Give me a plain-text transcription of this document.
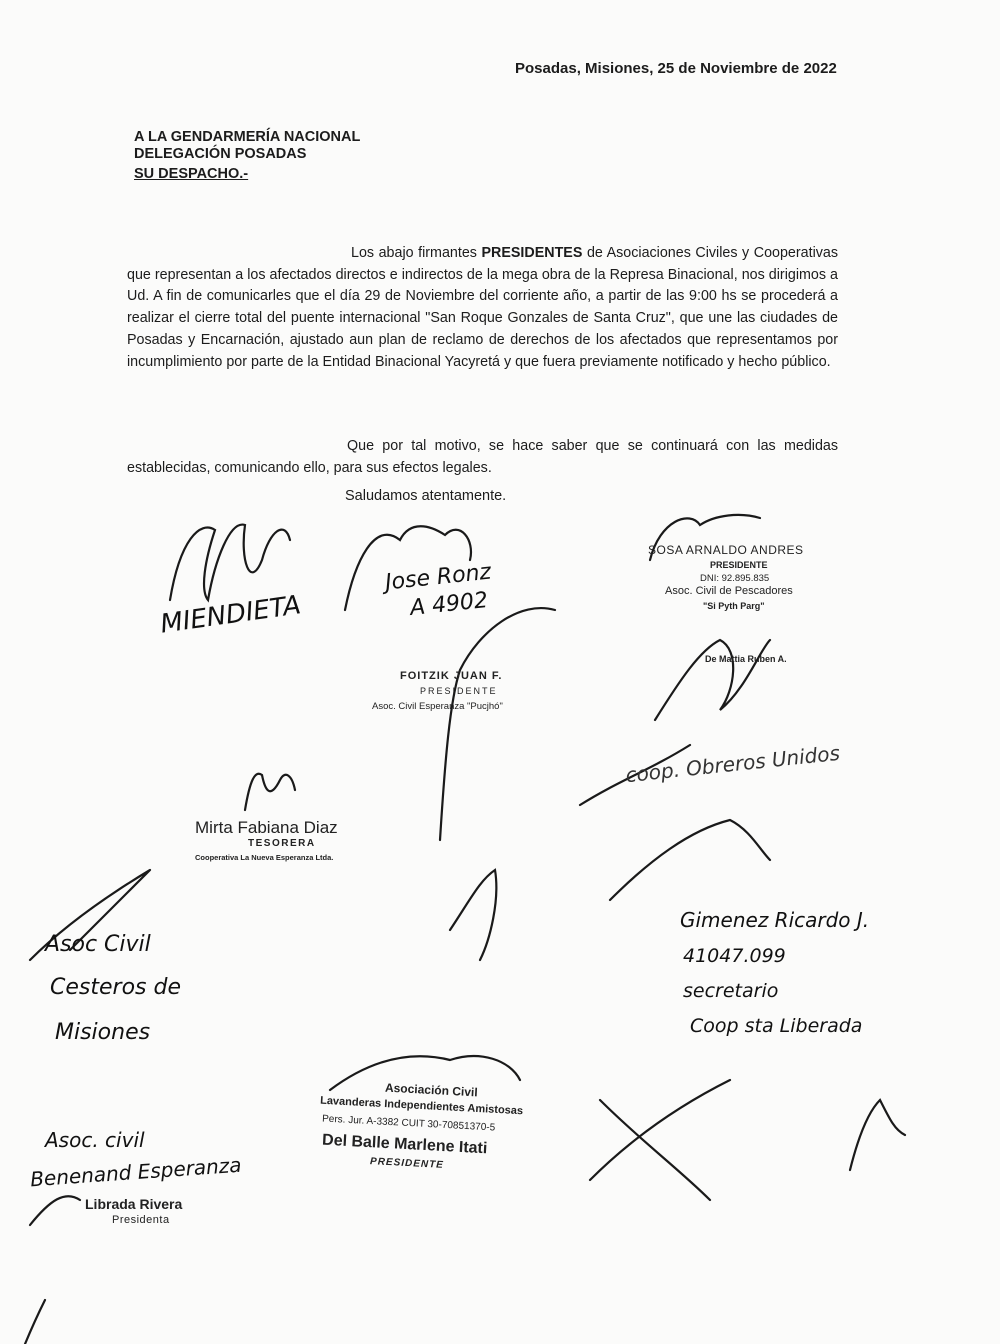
Posadas, Misiones, 25 de Noviembre de 2022
A LA GENDARMERÍA NACIONAL
DELEGACIÓN POSADAS
SU DESPACHO.-
Los abajo firmantes PRESIDENTES de Asociaciones Civiles y Cooperativas que representan a los afectados directos e indirectos de la mega obra de la Represa Binacional, nos dirigimos a Ud. A fin de comunicarles que el día 29 de Noviembre del corriente año, a partir de las 9:00 hs se procederá a realizar el cierre total del puente internacional "San Roque Gonzales de Santa Cruz", que une las ciudades de Posadas y Encarnación, ajustado aun plan de reclamo de derechos de los afectados que representamos por incumplimiento por parte de la Entidad Binacional Yacyretá y que fuera previamente notificado y hecho público.
Que por tal motivo, se hace saber que se continuará con las medidas establecidas, comunicando ello, para sus efectos legales.
Saludamos atentamente.
MIENDIETA
Jose Ronz
A 4902
SOSA ARNALDO ANDRES
PRESIDENTE
DNI: 92.895.835
Asoc. Civil de Pescadores
"Si Pyth Parg"
FOITZIK JUAN F.
PRESIDENTE
Asoc. Civil Esperanza "Pucjhó"
De Mattia Ruben A.
coop. Obreros Unidos
Mirta Fabiana Diaz
TESORERA
Cooperativa La Nueva Esperanza Ltda.
Asoc Civil
Cesteros de
Misiones
Gimenez Ricardo J.
41047.099
secretario
Coop sta Liberada
Asociación Civil
Lavanderas Independientes Amistosas
Pers. Jur. A-3382 CUIT 30-70851370-5
Del Balle Marlene Itati
PRESIDENTE
Asoc. civil
Benenand Esperanza
Librada Rivera
Presidenta
